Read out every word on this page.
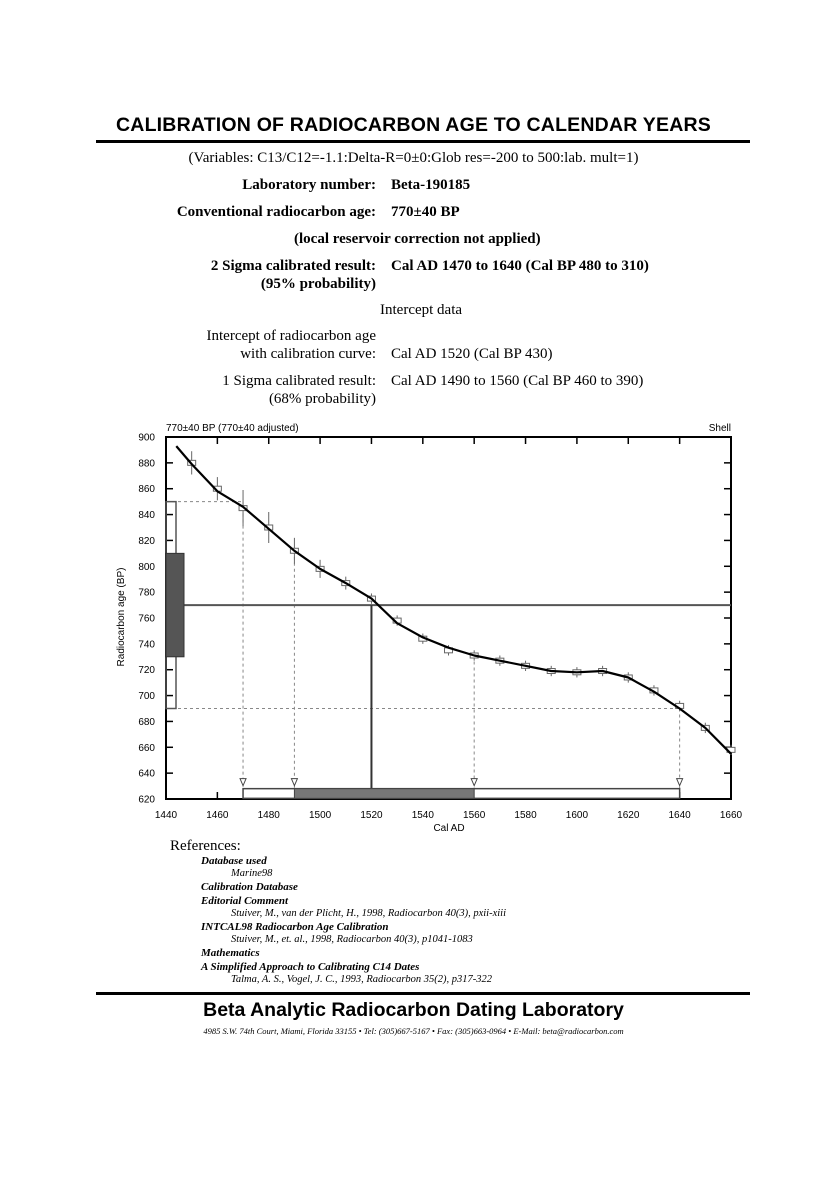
CALIBRATION OF RADIOCARBON AGE TO CALENDAR YEARS
(Variables: C13/C12=-1.1:Delta-R=0±0:Glob res=-200 to 500:lab. mult=1)
Laboratory number: Beta-190185
Conventional radiocarbon age: 770±40 BP
(local reservoir correction not applied)
2 Sigma calibrated result:
(95% probability)
Cal AD 1470 to 1640 (Cal BP 480 to 310)
Intercept data
Intercept of radiocarbon age
with calibration curve: Cal AD 1520 (Cal BP 430)
1 Sigma calibrated result:
(68% probability)
Cal AD 1490 to 1560 (Cal BP 460 to 390)
770±40 BP (770±40 adjusted)	Shell
Cal AD
Radiocarbon age (BP)
1440	1460	1480	1500	1520	1540	1560	1580	1600	1620	1640	1660
620
640
660
680
700
720
740
760
780
800
820
840
860
880
900
References:
Database used
Marine98
Calibration Database
Editorial Comment
Stuiver, M., van der Plicht, H., 1998, Radiocarbon 40(3), pxii-xiii
INTCAL98 Radiocarbon Age Calibration
Stuiver, M., et. al., 1998, Radiocarbon 40(3), p1041-1083
Mathematics
A Simplified Approach to Calibrating C14 Dates
Talma, A. S., Vogel, J. C., 1993, Radiocarbon 35(2), p317-322
Beta Analytic Radiocarbon Dating Laboratory
4985 S.W. 74th Court, Miami, Florida 33155 • Tel: (305)667-5167 • Fax: (305)663-0964 • E-Mail: beta@radiocarbon.com
